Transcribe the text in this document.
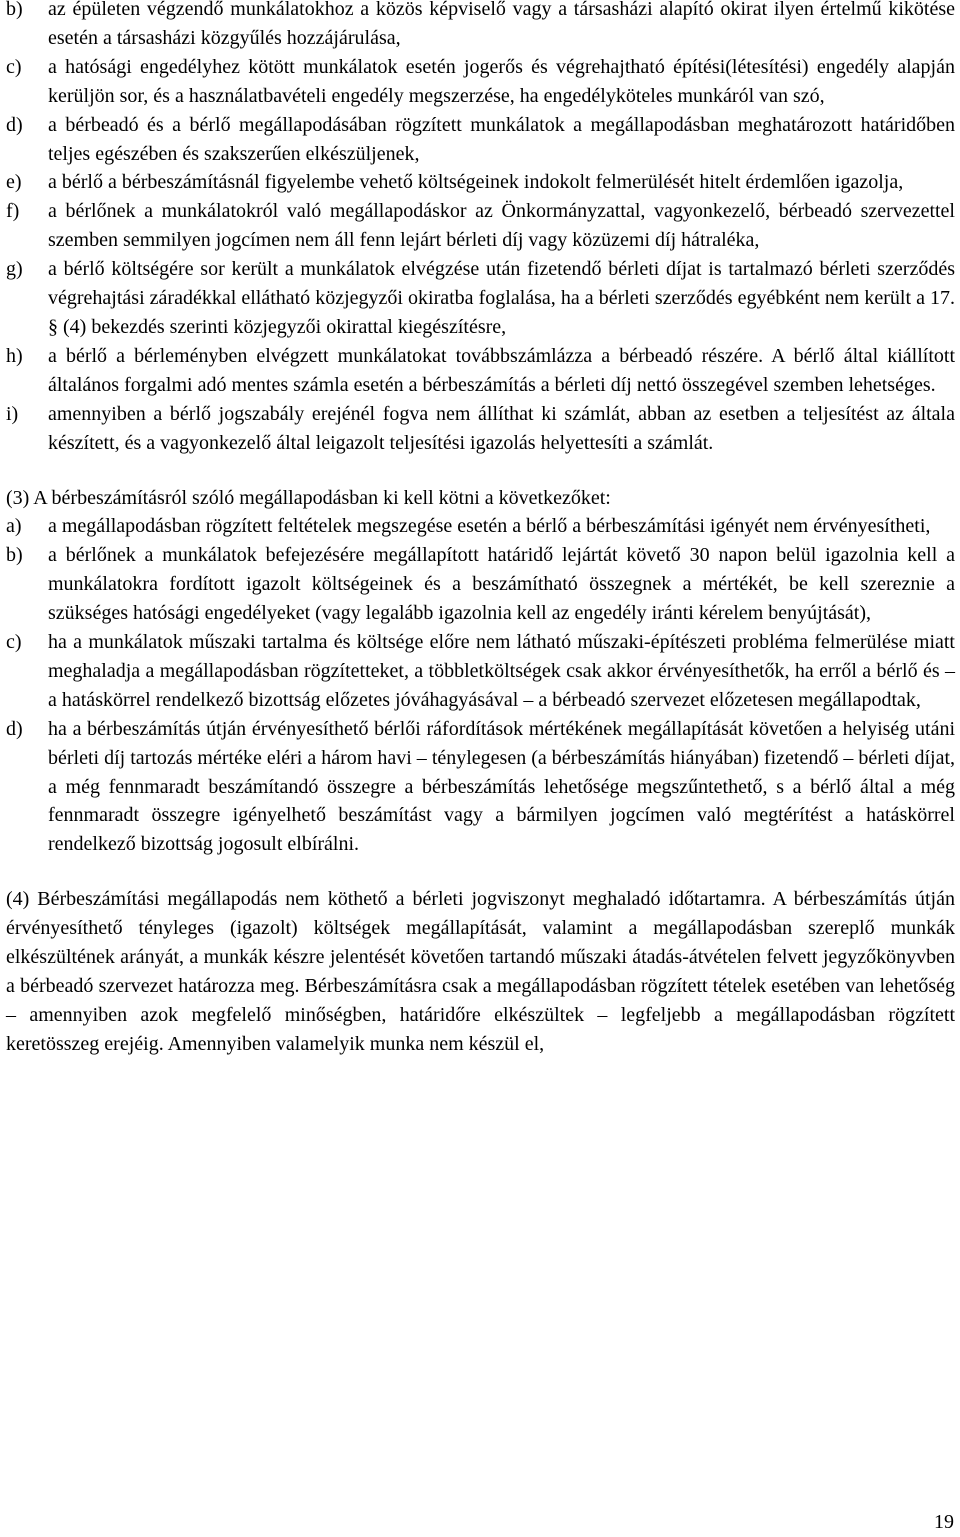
b)	az épületen végzendő munkálatokhoz a közös képviselő vagy a társasházi alapító okirat ilyen értelmű kikötése esetén a társasházi közgyűlés hozzájárulása,
c)	a hatósági engedélyhez kötött munkálatok esetén jogerős és végrehajtható építési(létesítési) engedély alapján kerüljön sor, és a használatbavételi engedély megszerzése, ha engedélyköteles munkáról van szó,
d)	a bérbeadó és a bérlő megállapodásában rögzített munkálatok a megállapodásban meghatározott határidőben teljes egészében és szakszerűen elkészüljenek,
e)	a bérlő a bérbeszámításnál figyelembe vehető költségeinek indokolt felmerülését hitelt érdemlően igazolja,
f)	a bérlőnek a munkálatokról való megállapodáskor az Önkormányzattal, vagyonkezelő, bérbeadó szervezettel szemben semmilyen jogcímen nem áll fenn lejárt bérleti díj vagy közüzemi díj hátraléka,
g)	a bérlő költségére sor került a munkálatok elvégzése után fizetendő bérleti díjat is tartalmazó bérleti szerződés végrehajtási záradékkal ellátható közjegyzői okiratba foglalása, ha a bérleti szerződés egyébként nem került a 17. § (4) bekezdés szerinti közjegyzői okirattal kiegészítésre,
h)	a bérlő a bérleményben elvégzett munkálatokat továbbszámlázza a bérbeadó részére. A bérlő által kiállított általános forgalmi adó mentes számla esetén a bérbeszámítás a bérleti díj nettó összegével szemben lehetséges.
i)	amennyiben a bérlő jogszabály erejénél fogva nem állíthat ki számlát, abban az esetben a teljesítést az általa készített, és a vagyonkezelő által leigazolt teljesítési igazolás helyettesíti a számlát.
(3) A bérbeszámításról szóló megállapodásban ki kell kötni a következőket:
a)	a megállapodásban rögzített feltételek megszegése esetén a bérlő a bérbeszámítási igényét nem érvényesítheti,
b)	a bérlőnek a munkálatok befejezésére megállapított határidő lejártát követő 30 napon belül igazolnia kell a munkálatokra fordított igazolt költségeinek és a beszámítható összegnek a mértékét, be kell szereznie a szükséges hatósági engedélyeket (vagy legalább igazolnia kell az engedély iránti kérelem benyújtását),
c)	ha a munkálatok műszaki tartalma és költsége előre nem látható műszaki-építészeti probléma felmerülése miatt meghaladja a megállapodásban rögzítetteket, a többletköltségek csak akkor érvényesíthetők, ha erről a bérlő és – a hatáskörrel rendelkező bizottság előzetes jóváhagyásával – a bérbeadó szervezet előzetesen megállapodtak,
d)	ha a bérbeszámítás útján érvényesíthető bérlői ráfordítások mértékének megállapítását követően a helyiség utáni bérleti díj tartozás mértéke eléri a három havi – ténylegesen (a bérbeszámítás hiányában) fizetendő – bérleti díjat, a még fennmaradt beszámítandó összegre a bérbeszámítás lehetősége megszűntethető, s a bérlő által a még fennmaradt összegre igényelhető beszámítást vagy a bármilyen jogcímen való megtérítést a hatáskörrel rendelkező bizottság jogosult elbírálni.
(4) Bérbeszámítási megállapodás nem köthető a bérleti jogviszonyt meghaladó időtartamra. A bérbeszámítás útján érvényesíthető tényleges (igazolt) költségek megállapítását, valamint a megállapodásban szereplő munkák elkészültének arányát, a munkák készre jelentését követően tartandó műszaki átadás-átvételen felvett jegyzőkönyvben a bérbeadó szervezet határozza meg. Bérbeszámításra csak a megállapodásban rögzített tételek esetében van lehetőség – amennyiben azok megfelelő minőségben, határidőre elkészültek – legfeljebb a megállapodásban rögzített keretösszeg erejéig. Amennyiben valamelyik munka nem készül el,
19
